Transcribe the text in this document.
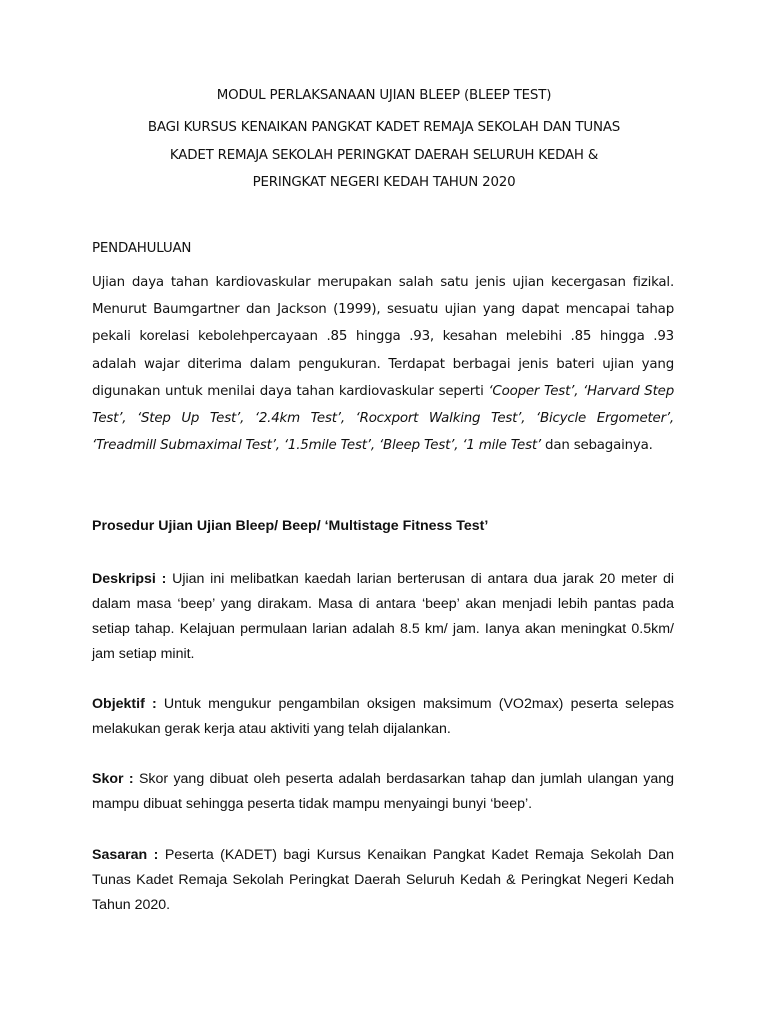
MODUL PERLAKSANAAN UJIAN BLEEP (BLEEP TEST)
BAGI KURSUS KENAIKAN PANGKAT KADET REMAJA SEKOLAH DAN TUNAS
KADET REMAJA SEKOLAH PERINGKAT DAERAH SELURUH KEDAH &
PERINGKAT NEGERI KEDAH TAHUN 2020
PENDAHULUAN

Ujian daya tahan kardiovaskular merupakan salah satu jenis ujian kecergasan fizikal. Menurut Baumgartner dan Jackson (1999), sesuatu ujian yang dapat mencapai tahap pekali korelasi kebolehpercayaan .85 hingga .93, kesahan melebihi .85 hingga .93 adalah wajar diterima dalam pengukuran. Terdapat berbagai jenis bateri ujian yang digunakan untuk menilai daya tahan kardiovaskular seperti ‘Cooper Test’, ‘Harvard Step Test’, ‘Step Up Test’, ‘2.4km Test’, ‘Rocxport Walking Test’, ‘Bicycle Ergometer’, ‘Treadmill Submaximal Test’, ‘1.5mile Test’, ‘Bleep Test’, ‘1 mile Test’ dan sebagainya.

Prosedur Ujian Ujian Bleep/ Beep/ ‘Multistage Fitness Test’

Deskripsi : Ujian ini melibatkan kaedah larian berterusan di antara dua jarak 20 meter di dalam masa ‘beep’ yang dirakam. Masa di antara ‘beep’ akan menjadi lebih pantas pada setiap tahap. Kelajuan permulaan larian adalah 8.5 km/ jam. Ianya akan meningkat 0.5km/ jam setiap minit.

Objektif : Untuk mengukur pengambilan oksigen maksimum (VO2max) peserta selepas melakukan gerak kerja atau aktiviti yang telah dijalankan.

Skor : Skor yang dibuat oleh peserta adalah berdasarkan tahap dan jumlah ulangan yang mampu dibuat sehingga peserta tidak mampu menyaingi bunyi ‘beep’.

Sasaran : Peserta (KADET) bagi Kursus Kenaikan Pangkat Kadet Remaja Sekolah Dan Tunas Kadet Remaja Sekolah Peringkat Daerah Seluruh Kedah & Peringkat Negeri Kedah Tahun 2020.
